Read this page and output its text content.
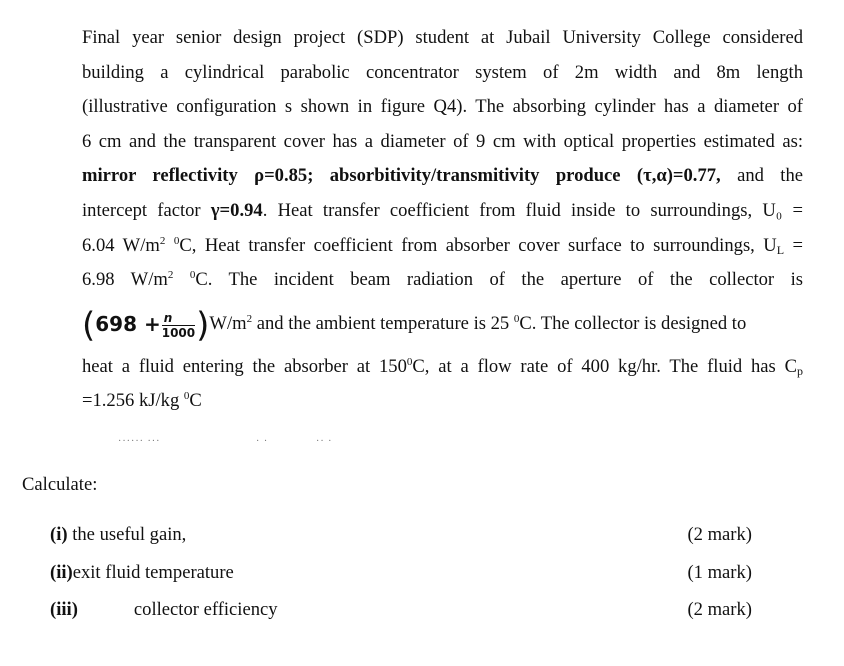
Final year senior design project (SDP) student at Jubail University College considered
building a cylindrical parabolic concentrator system of 2m width and 8m length
(illustrative configuration s shown in figure Q4). The absorbing cylinder has a diameter of
6 cm and the transparent cover has a diameter of 9 cm with optical properties estimated as:
mirror reflectivity ρ=0.85; absorbitivity/transmitivity produce (τ,α)=0.77, and the
intercept factor γ=0.94. Heat transfer coefficient from fluid inside to surroundings, U₀ =
6.04 $W/m^2$ $^0$C, Heat transfer coefficient from absorber cover surface to surroundings, $U_L$ =
6.98 $W/m^2$ $^0$C. The incident beam radiation of the aperture of the collector is
$(698 + \frac{n}{1000} )W/m^2$ and the ambient temperature is 25 $^0$C. The collector is designed to
heat a fluid entering the absorber at $150^0C$, at a flow rate of 400 kg/hr. The fluid has $C_p$
=1.256 kJ/kg $^0$C
······ ···	· ·	·· ·
Calculate:
(i) the useful gain,	(2 mark)
(ii)exit fluid temperature	(1 mark)
(iii)	collector efficiency	(2 mark)
